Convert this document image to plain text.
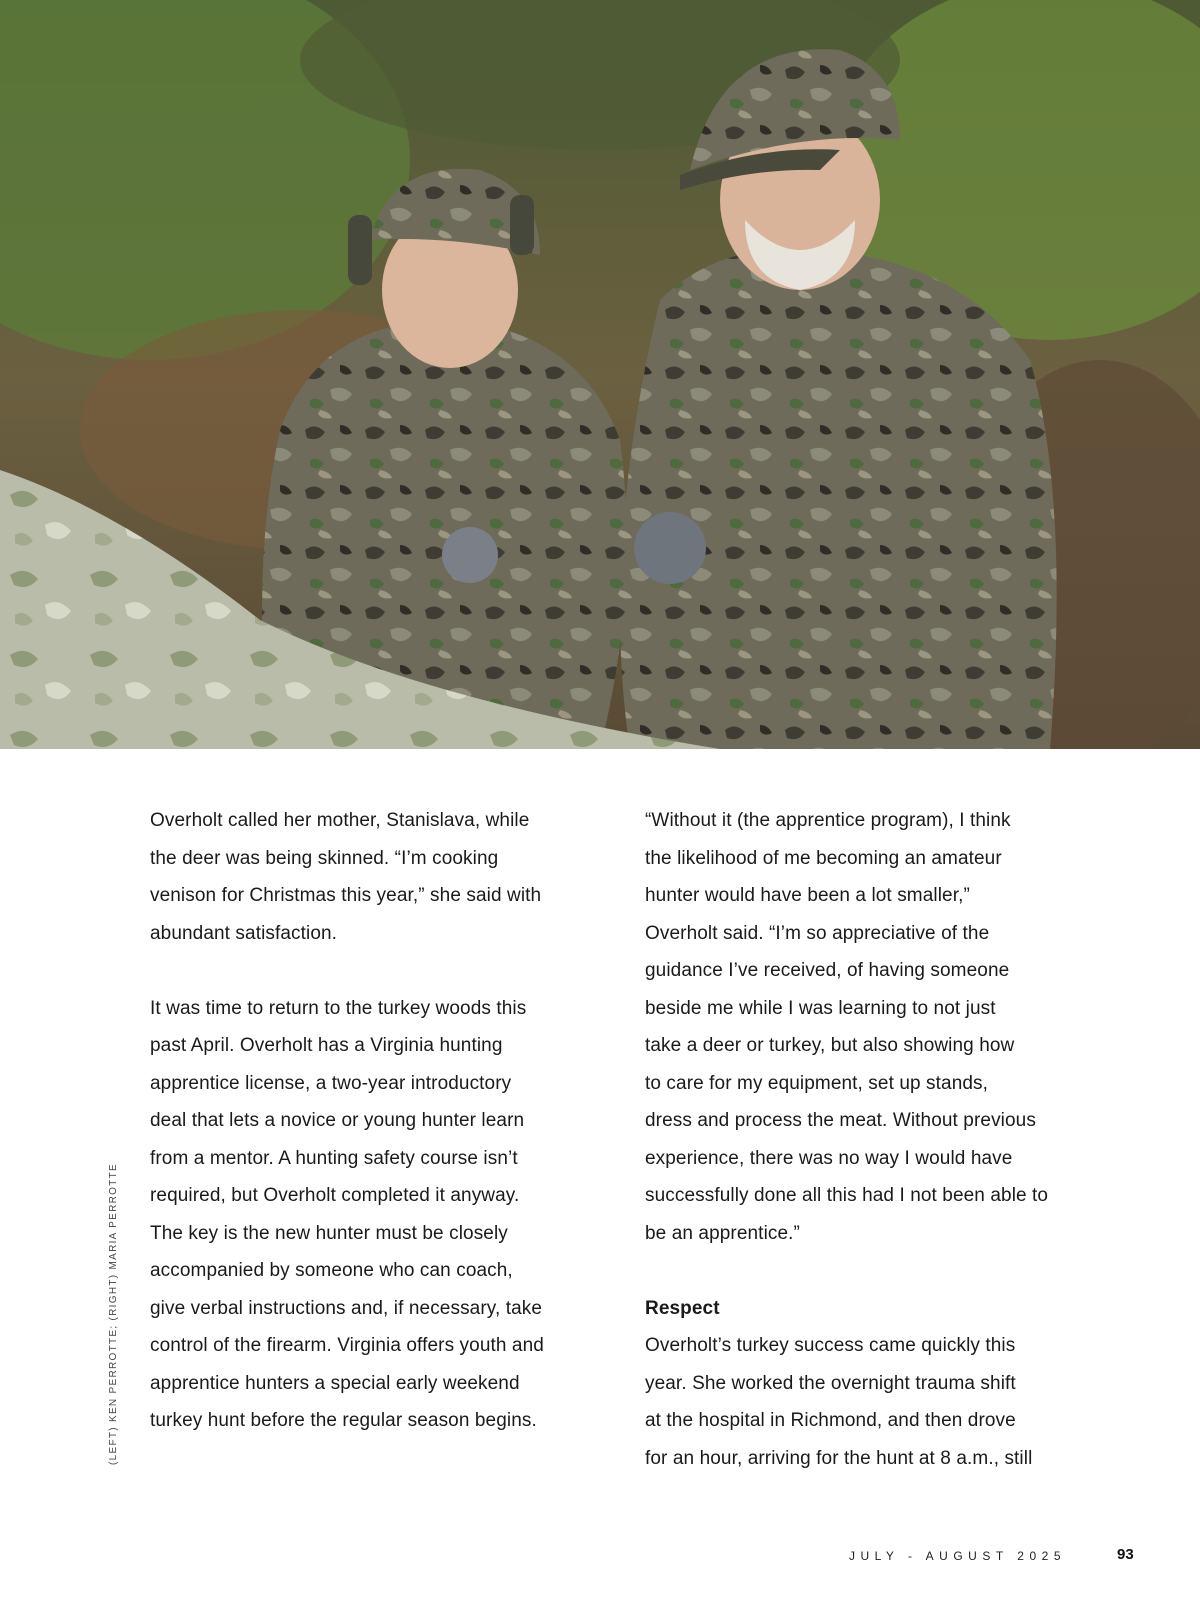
(LEFT) KEN PERROTTE; (RIGHT) MARIA PERROTTE
Overholt called her mother, Stanislava, while
the deer was being skinned. “I’m cooking
venison for Christmas this year,” she said with
abundant satisfaction.
It was time to return to the turkey woods this
past April. Overholt has a Virginia hunting
apprentice license, a two-year introductory
deal that lets a novice or young hunter learn
from a mentor. A hunting safety course isn’t
required, but Overholt completed it anyway.
The key is the new hunter must be closely
accompanied by someone who can coach,
give verbal instructions and, if necessary, take
control of the firearm. Virginia offers youth and
apprentice hunters a special early weekend
turkey hunt before the regular season begins.
“Without it (the apprentice program), I think
the likelihood of me becoming an amateur
hunter would have been a lot smaller,”
Overholt said. “I’m so appreciative of the
guidance I’ve received, of having someone
beside me while I was learning to not just
take a deer or turkey, but also showing how
to care for my equipment, set up stands,
dress and process the meat. Without previous
experience, there was no way I would have
successfully done all this had I not been able to
be an apprentice.”
Respect
Overholt’s turkey success came quickly this
year. She worked the overnight trauma shift
at the hospital in Richmond, and then drove
for an hour, arriving for the hunt at 8 a.m., still
JULY - AUGUST 2025	93
